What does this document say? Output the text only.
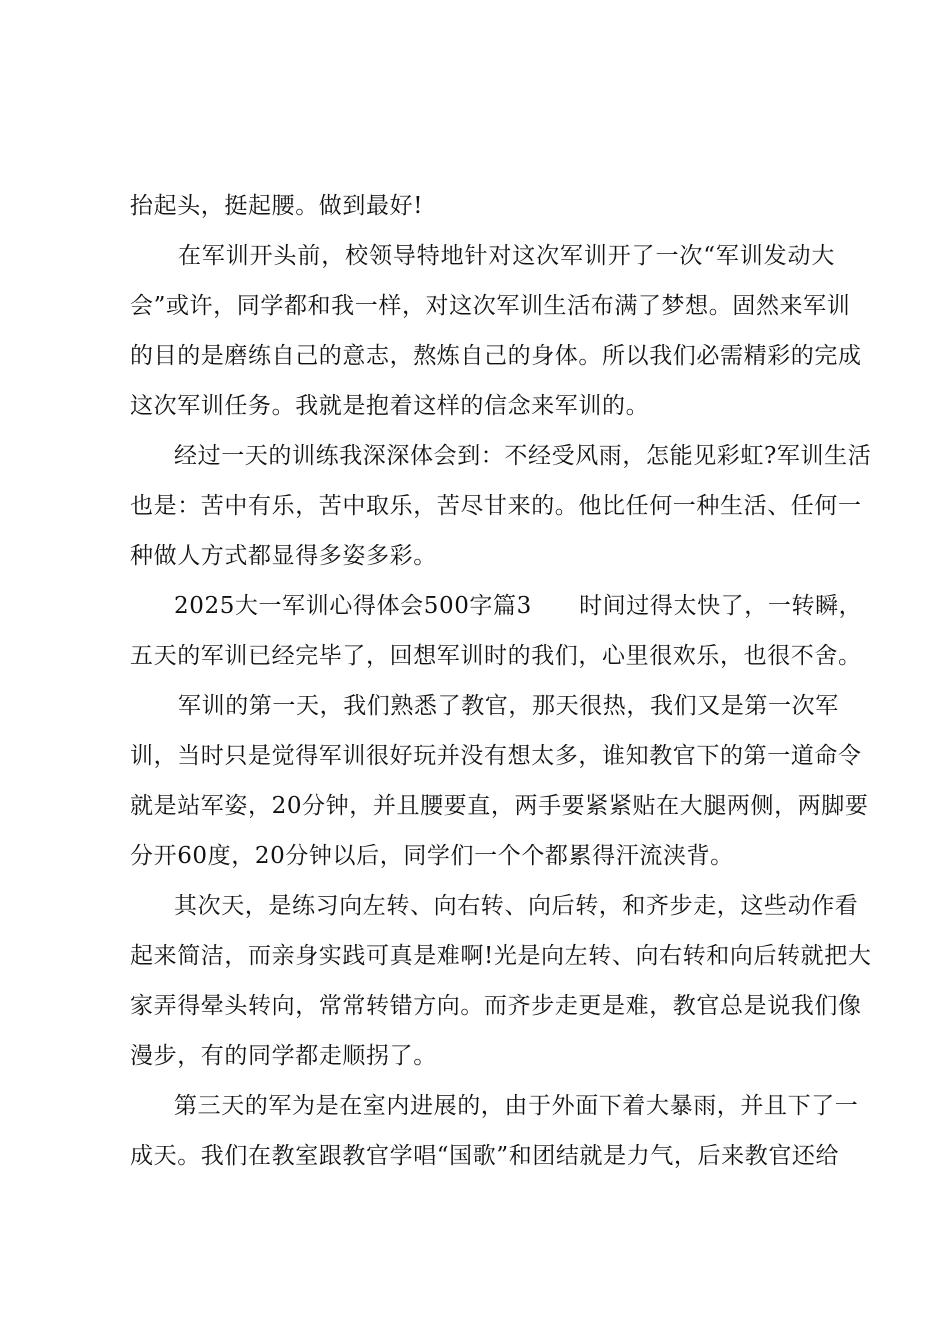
抬起头，挺起腰。做到最好!
在军训开头前，校领导特地针对这次军训开了一次“军训发动大
会”或许，同学都和我一样，对这次军训生活布满了梦想。固然来军训
的目的是磨练自己的意志，熬炼自己的身体。所以我们必需精彩的完成
这次军训任务。我就是抱着这样的信念来军训的。
经过一天的训练我深深体会到：不经受风雨，怎能见彩虹?军训生活
也是：苦中有乐，苦中取乐，苦尽甘来的。他比任何一种生活、任何一
种做人方式都显得多姿多彩。
2025大一军训心得体会500字篇3　　时间过得太快了，一转瞬，
五天的军训已经完毕了，回想军训时的我们，心里很欢乐，也很不舍。
军训的第一天，我们熟悉了教官，那天很热，我们又是第一次军
训，当时只是觉得军训很好玩并没有想太多，谁知教官下的第一道命令
就是站军姿，20分钟，并且腰要直，两手要紧紧贴在大腿两侧，两脚要
分开60度，20分钟以后，同学们一个个都累得汗流浃背。
其次天，是练习向左转、向右转、向后转，和齐步走，这些动作看
起来简洁，而亲身实践可真是难啊!光是向左转、向右转和向后转就把大
家弄得晕头转向，常常转错方向。而齐步走更是难，教官总是说我们像
漫步，有的同学都走顺拐了。
第三天的军为是在室内进展的，由于外面下着大暴雨，并且下了一
成天。我们在教室跟教官学唱“国歌”和团结就是力气，后来教官还给
